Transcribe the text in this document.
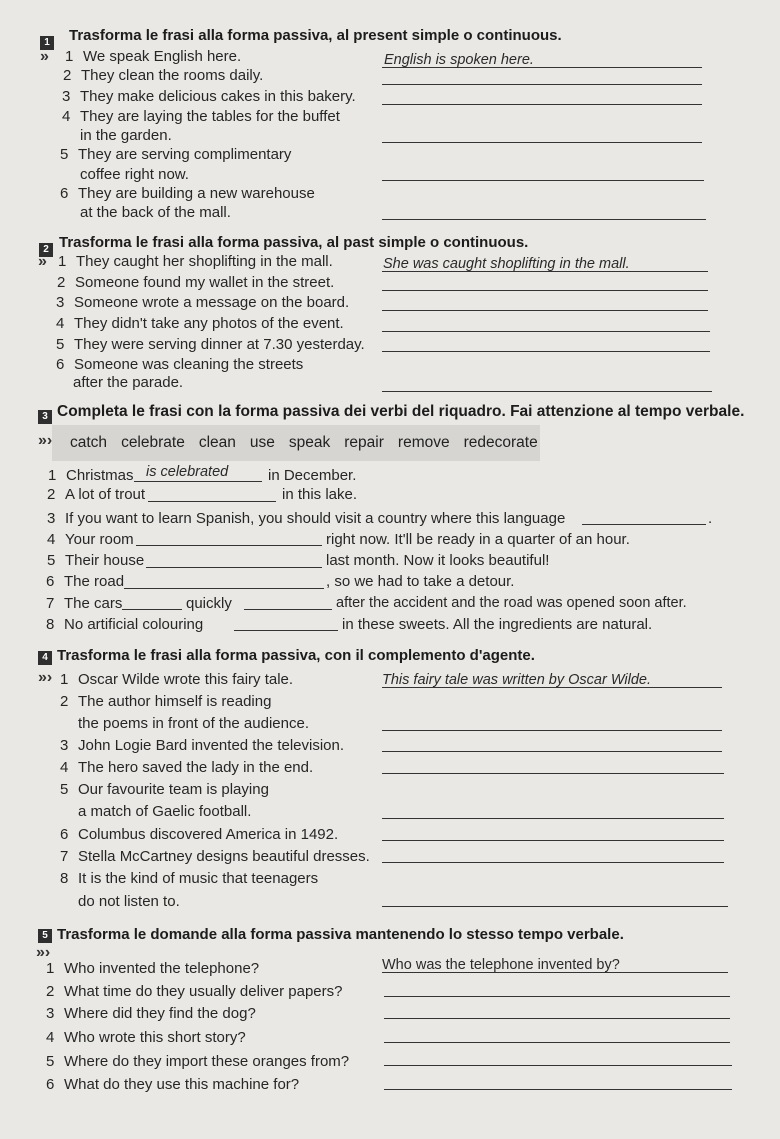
1 Trasforma le frasi alla forma passiva, al present simple o continuous.
» 1 We speak English here.	English is spoken here.
2 They clean the rooms daily.
3 They make delicious cakes in this bakery.
4 They are laying the tables for the buffet
in the garden.
5 They are serving complimentary
coffee right now.
6 They are building a new warehouse
at the back of the mall.
2 Trasforma le frasi alla forma passiva, al past simple o continuous.
» 1 They caught her shoplifting in the mall.	She was caught shoplifting in the mall.
2 Someone found my wallet in the street.
3 Someone wrote a message on the board.
4 They didn't take any photos of the event.
5 They were serving dinner at 7.30 yesterday.
6 Someone was cleaning the streets
after the parade.
3 Completa le frasi con la forma passiva dei verbi del riquadro. Fai attenzione al tempo verbale.
»› catch celebrate clean use speak repair remove redecorate
1 Christmas is celebrated	in December.
2 A lot of trout	in this lake.
3 If you want to learn Spanish, you should visit a country where this language	.
4 Your room	right now. It'll be ready in a quarter of an hour.
5 Their house	last month. Now it looks beautiful!
6 The road	, so we had to take a detour.
7 The cars	quickly	after the accident and the road was opened soon after.
8 No artificial colouring	in these sweets. All the ingredients are natural.
4 Trasforma le frasi alla forma passiva, con il complemento d'agente.
»› 1 Oscar Wilde wrote this fairy tale.	This fairy tale was written by Oscar Wilde.
2 The author himself is reading
the poems in front of the audience.
3 John Logie Bard invented the television.
4 The hero saved the lady in the end.
5 Our favourite team is playing
a match of Gaelic football.
6 Columbus discovered America in 1492.
7 Stella McCartney designs beautiful dresses.
8 It is the kind of music that teenagers
do not listen to.
5 Trasforma le domande alla forma passiva mantenendo lo stesso tempo verbale.
»›
1 Who invented the telephone?	Who was the telephone invented by?
2 What time do they usually deliver papers?
3 Where did they find the dog?
4 Who wrote this short story?
5 Where do they import these oranges from?
6 What do they use this machine for?
